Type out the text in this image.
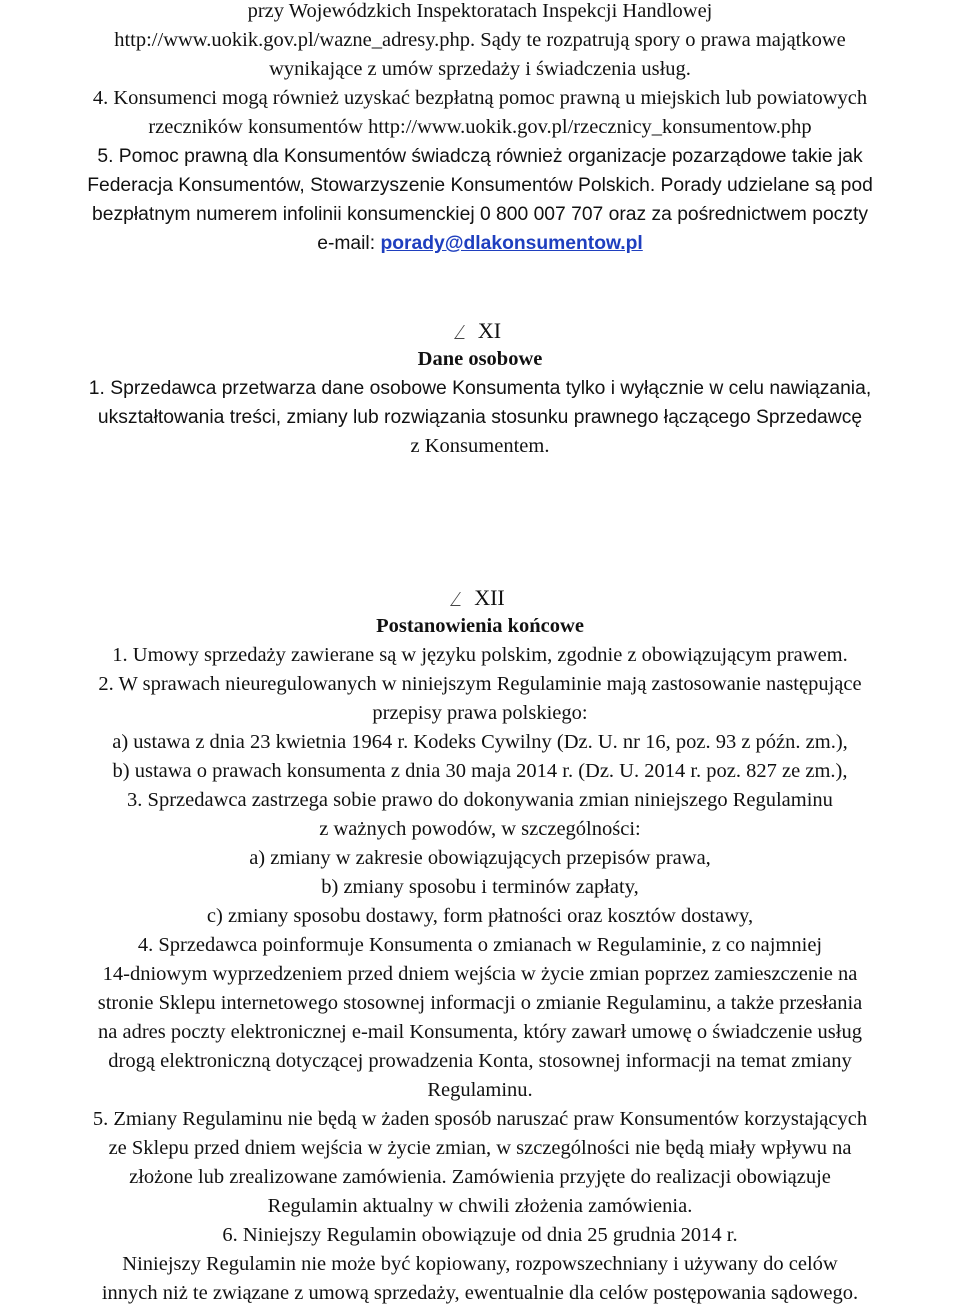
przy Wojewódzkich Inspektoratach Inspekcji Handlowej
http://www.uokik.gov.pl/wazne_adresy.php. Sądy te rozpatrują spory o prawa majątkowe
wynikające z umów sprzedaży i świadczenia usług.
4. Konsumenci mogą również uzyskać bezpłatną pomoc prawną u miejskich lub powiatowych
rzeczników konsumentów http://www.uokik.gov.pl/rzecznicy_konsumentow.php
5. Pomoc prawną dla Konsumentów świadczą również organizacje pozarządowe takie jak
Federacja Konsumentów, Stowarzyszenie Konsumentów Polskich. Porady udzielane są pod
bezpłatnym numerem infolinii konsumenckiej 0 800 007 707 oraz za pośrednictwem poczty
e-mail: porady@dlakonsumentow.pl
XI
Dane osobowe
1. Sprzedawca przetwarza dane osobowe Konsumenta tylko i wyłącznie w celu nawiązania,
ukształtowania treści, zmiany lub rozwiązania stosunku prawnego łączącego Sprzedawcę
z Konsumentem.
XII
Postanowienia końcowe
1. Umowy sprzedaży zawierane są w języku polskim, zgodnie z obowiązującym prawem.
2. W sprawach nieuregulowanych w niniejszym Regulaminie mają zastosowanie następujące
przepisy prawa polskiego:
a) ustawa z dnia 23 kwietnia 1964 r. Kodeks Cywilny (Dz. U. nr 16, poz. 93 z późn. zm.),
b) ustawa o prawach konsumenta z dnia 30 maja 2014 r. (Dz. U. 2014 r. poz. 827 ze zm.),
3. Sprzedawca zastrzega sobie prawo do dokonywania zmian niniejszego Regulaminu
z ważnych powodów, w szczególności:
a) zmiany w zakresie obowiązujących przepisów prawa,
b) zmiany sposobu i terminów zapłaty,
c) zmiany sposobu dostawy, form płatności oraz kosztów dostawy,
4. Sprzedawca poinformuje Konsumenta o zmianach w Regulaminie, z co najmniej
14-dniowym wyprzedzeniem przed dniem wejścia w życie zmian poprzez zamieszczenie na
stronie Sklepu internetowego stosownej informacji o zmianie Regulaminu, a także przesłania
na adres poczty elektronicznej e-mail Konsumenta, który zawarł umowę o świadczenie usług
drogą elektroniczną dotyczącej prowadzenia Konta, stosownej informacji na temat zmiany
Regulaminu.
5. Zmiany Regulaminu nie będą w żaden sposób naruszać praw Konsumentów korzystających
ze Sklepu przed dniem wejścia w życie zmian, w szczególności nie będą miały wpływu na
złożone lub zrealizowane zamówienia. Zamówienia przyjęte do realizacji obowiązuje
Regulamin aktualny w chwili złożenia zamówienia.
6. Niniejszy Regulamin obowiązuje od dnia 25 grudnia 2014 r.
Niniejszy Regulamin nie może być kopiowany, rozpowszechniany i używany do celów
innych niż te związane z umową sprzedaży, ewentualnie dla celów postępowania sądowego.
